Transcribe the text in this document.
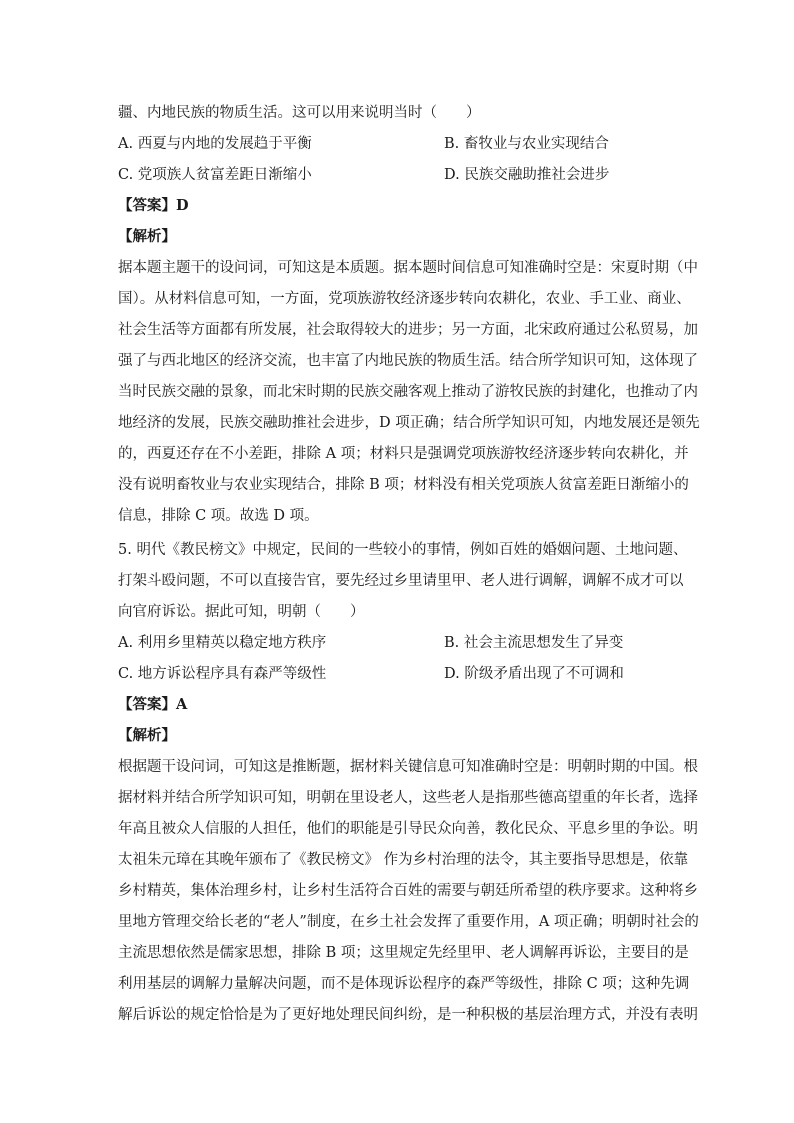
疆、内地民族的物质生活。这可以用来说明当时（　　）
A. 西夏与内地的发展趋于平衡	B. 畜牧业与农业实现结合
C. 党项族人贫富差距日渐缩小	D. 民族交融助推社会进步
【答案】D
【解析】
据本题主题干的设问词，可知这是本质题。据本题时间信息可知准确时空是：宋夏时期（中
国）。从材料信息可知，一方面，党项族游牧经济逐步转向农耕化，农业、手工业、商业、
社会生活等方面都有所发展，社会取得较大的进步；另一方面，北宋政府通过公私贸易，加
强了与西北地区的经济交流，也丰富了内地民族的物质生活。结合所学知识可知，这体现了
当时民族交融的景象，而北宋时期的民族交融客观上推动了游牧民族的封建化，也推动了内
地经济的发展，民族交融助推社会进步，D 项正确；结合所学知识可知，内地发展还是领先
的，西夏还存在不小差距，排除 A 项；材料只是强调党项族游牧经济逐步转向农耕化，并
没有说明畜牧业与农业实现结合，排除 B 项；材料没有相关党项族人贫富差距日渐缩小的
信息，排除 C 项。故选 D 项。
5. 明代《教民榜文》中规定，民间的一些较小的事情，例如百姓的婚姻问题、土地问题、
打架斗殴问题，不可以直接告官，要先经过乡里请里甲、老人进行调解，调解不成才可以
向官府诉讼。据此可知，明朝（　　）
A. 利用乡里精英以稳定地方秩序	B. 社会主流思想发生了异变
C. 地方诉讼程序具有森严等级性	D. 阶级矛盾出现了不可调和
【答案】A
【解析】
根据题干设问词，可知这是推断题，据材料关键信息可知准确时空是：明朝时期的中国。根
据材料并结合所学知识可知，明朝在里设老人，这些老人是指那些德高望重的年长者，选择
年高且被众人信服的人担任，他们的职能是引导民众向善，教化民众、平息乡里的争讼。明
太祖朱元璋在其晚年颁布了《教民榜文》 作为乡村治理的法令，其主要指导思想是，依靠
乡村精英，集体治理乡村，让乡村生活符合百姓的需要与朝廷所希望的秩序要求。这种将乡
里地方管理交给长老的“老人”制度，在乡土社会发挥了重要作用，A 项正确；明朝时社会的
主流思想依然是儒家思想，排除 B 项；这里规定先经里甲、老人调解再诉讼，主要目的是
利用基层的调解力量解决问题，而不是体现诉讼程序的森严等级性，排除 C 项；这种先调
解后诉讼的规定恰恰是为了更好地处理民间纠纷，是一种积极的基层治理方式，并没有表明
